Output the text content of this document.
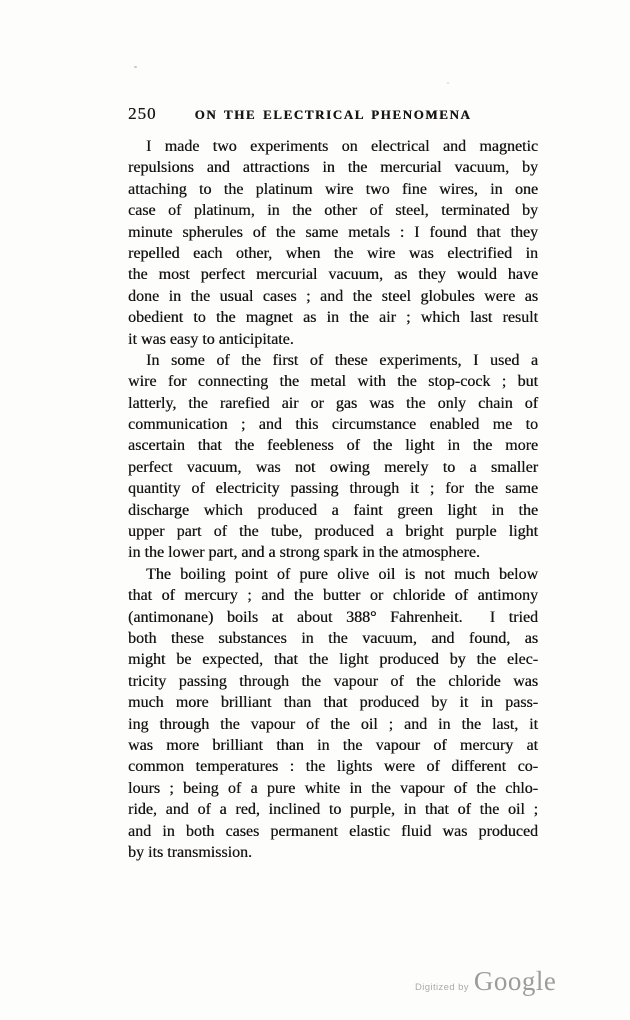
250	ON THE ELECTRICAL PHENOMENA
I made two experiments on electrical and magnetic
repulsions and attractions in the mercurial vacuum, by
attaching to the platinum wire two fine wires, in one
case of platinum, in the other of steel, terminated by
minute spherules of the same metals : I found that they
repelled each other, when the wire was electrified in
the most perfect mercurial vacuum, as they would have
done in the usual cases ; and the steel globules were as
obedient to the magnet as in the air ; which last result
it was easy to anticipitate.
In some of the first of these experiments, I used a
wire for connecting the metal with the stop-cock ; but
latterly, the rarefied air or gas was the only chain of
communication ; and this circumstance enabled me to
ascertain that the feebleness of the light in the more
perfect vacuum, was not owing merely to a smaller
quantity of electricity passing through it ; for the same
discharge which produced a faint green light in the
upper part of the tube, produced a bright purple light
in the lower part, and a strong spark in the atmosphere.
The boiling point of pure olive oil is not much below
that of mercury ; and the butter or chloride of antimony
(antimonane) boils at about 388° Fahrenheit.  I tried
both these substances in the vacuum, and found, as
might be expected, that the light produced by the elec-
tricity passing through the vapour of the chloride was
much more brilliant than that produced by it in pass-
ing through the vapour of the oil ; and in the last, it
was more brilliant than in the vapour of mercury at
common temperatures : the lights were of different co-
lours ; being of a pure white in the vapour of the chlo-
ride, and of a red, inclined to purple, in that of the oil ;
and in both cases permanent elastic fluid was produced
by its transmission.
Digitized by Google
